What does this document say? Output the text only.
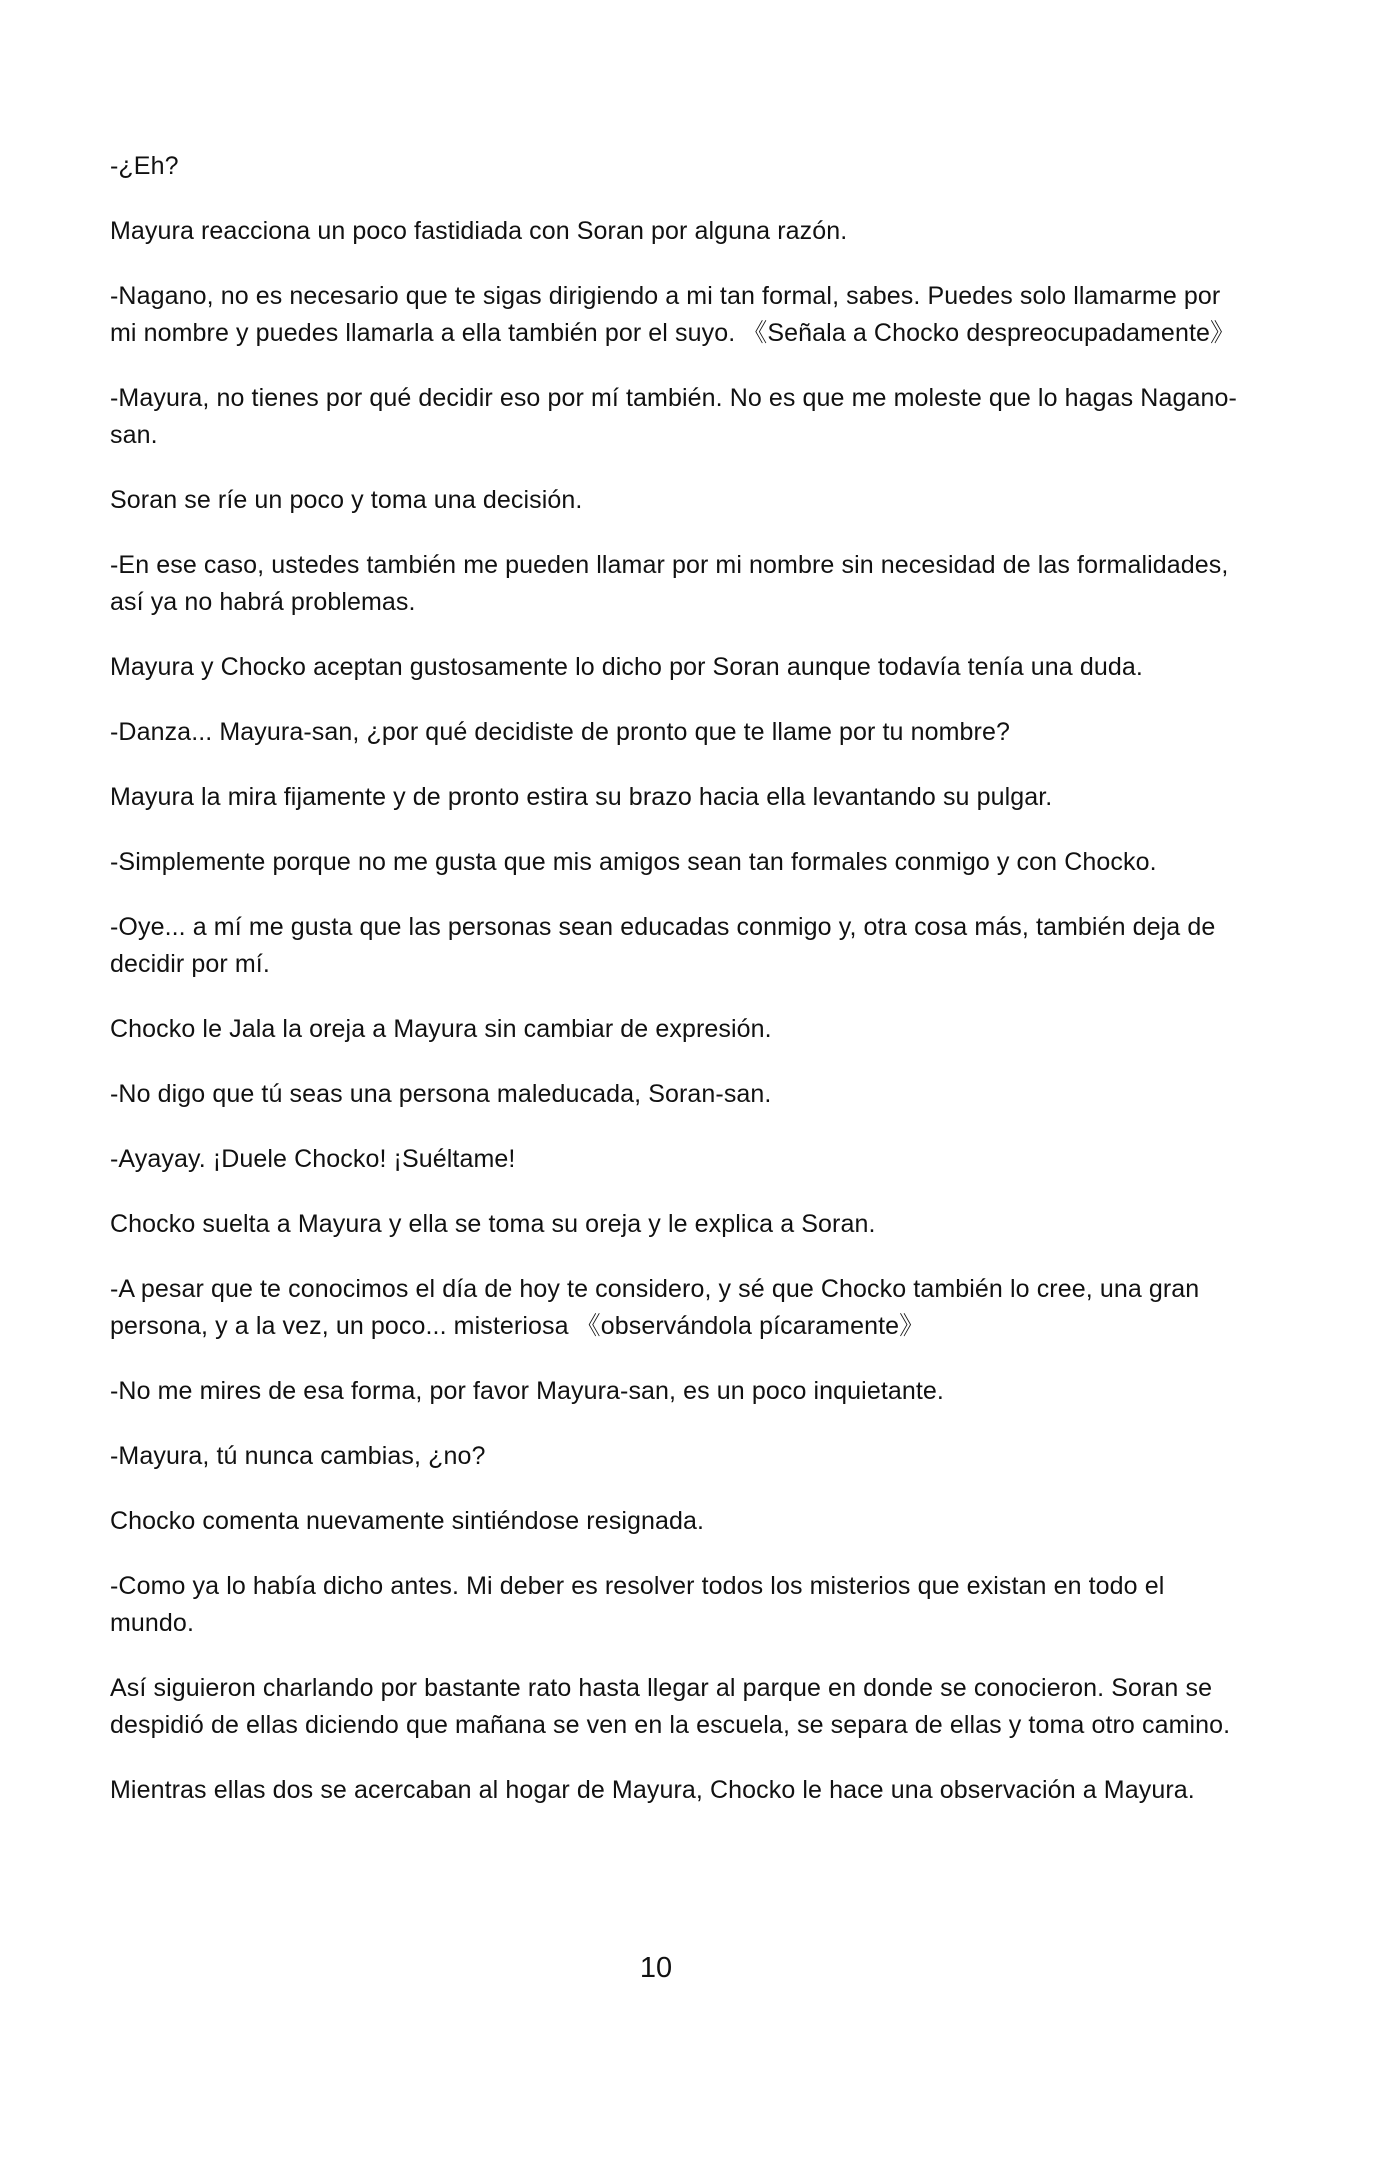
-¿Eh?

Mayura reacciona un poco fastidiada con Soran por alguna razón.

-Nagano, no es necesario que te sigas dirigiendo a mi tan formal, sabes. Puedes solo llamarme por mi nombre y puedes llamarla a ella también por el suyo. 《Señala a Chocko despreocupadamente》

-Mayura, no tienes por qué decidir eso por mí también. No es que me moleste que lo hagas Nagano-san.

Soran se ríe un poco y toma una decisión.

-En ese caso, ustedes también me pueden llamar por mi nombre sin necesidad de las formalidades, así ya no habrá problemas.

Mayura y Chocko aceptan gustosamente lo dicho por Soran aunque todavía tenía una duda.

-Danza... Mayura-san, ¿por qué decidiste de pronto que te llame por tu nombre?

Mayura la mira fijamente y de pronto estira su brazo hacia ella levantando su pulgar.

-Simplemente porque no me gusta que mis amigos sean tan formales conmigo y con Chocko.

-Oye... a mí me gusta que las personas sean educadas conmigo y, otra cosa más, también deja de decidir por mí.

Chocko le Jala la oreja a Mayura sin cambiar de expresión.

-No digo que tú seas una persona maleducada, Soran-san.

-Ayayay. ¡Duele Chocko! ¡Suéltame!

Chocko suelta a Mayura y ella se toma su oreja y le explica a Soran.

-A pesar que te conocimos el día de hoy te considero, y sé que Chocko también lo cree, una gran persona, y a la vez, un poco... misteriosa 《observándola pícaramente》

-No me mires de esa forma, por favor Mayura-san, es un poco inquietante.

-Mayura, tú nunca cambias, ¿no?

Chocko comenta nuevamente sintiéndose resignada.

-Como ya lo había dicho antes. Mi deber es resolver todos los misterios que existan en todo el mundo.

Así siguieron charlando por bastante rato hasta llegar al parque en donde se conocieron. Soran se despidió de ellas diciendo que mañana se ven en la escuela, se separa de ellas y toma otro camino.

Mientras ellas dos se acercaban al hogar de Mayura, Chocko le hace una observación a Mayura.

10
